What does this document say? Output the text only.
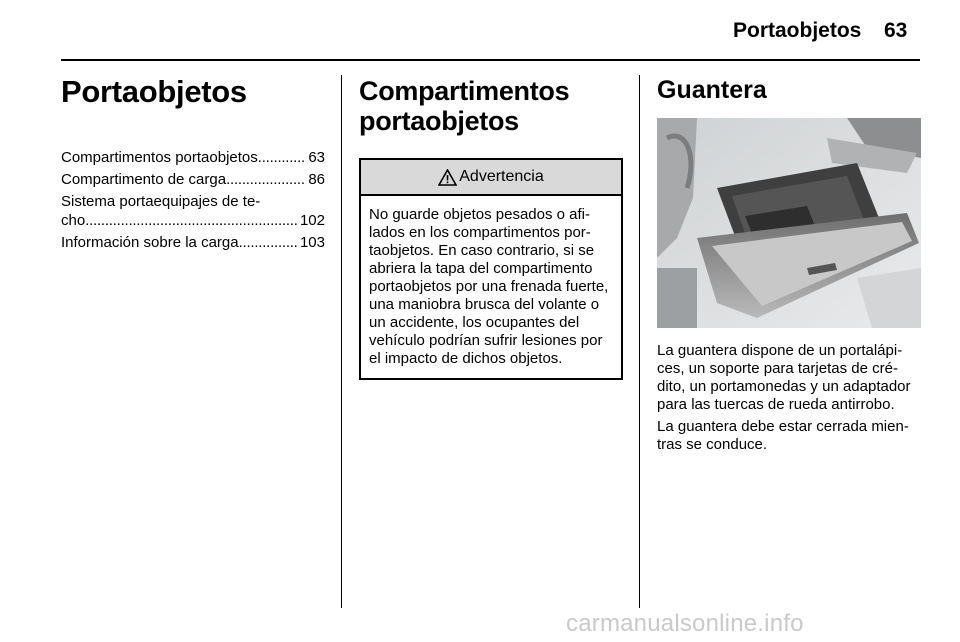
Portaobjetos 63
Portaobjetos
Compartimentos portaobjetos . . .	63
Compartimento de carga . . .	86
Sistema portaequipajes de te-
cho . . .	102
Información sobre la carga . . .	103
Compartimentos
portaobjetos
Advertencia
No guarde objetos pesados o afilados en los compartimentos portaobjetos. En caso contrario, si se abriera la tapa del compartimento portaobjetos por una frenada fuerte, una maniobra brusca del volante o un accidente, los ocupantes del vehículo podrían sufrir lesiones por el impacto de dichos objetos.
Guantera

La guantera dispone de un portalápices, un soporte para tarjetas de crédito, un portamonedas y un adaptador para las tuercas de rueda antirrobo.

La guantera debe estar cerrada mientras se conduce.

carmanualsonline.info
